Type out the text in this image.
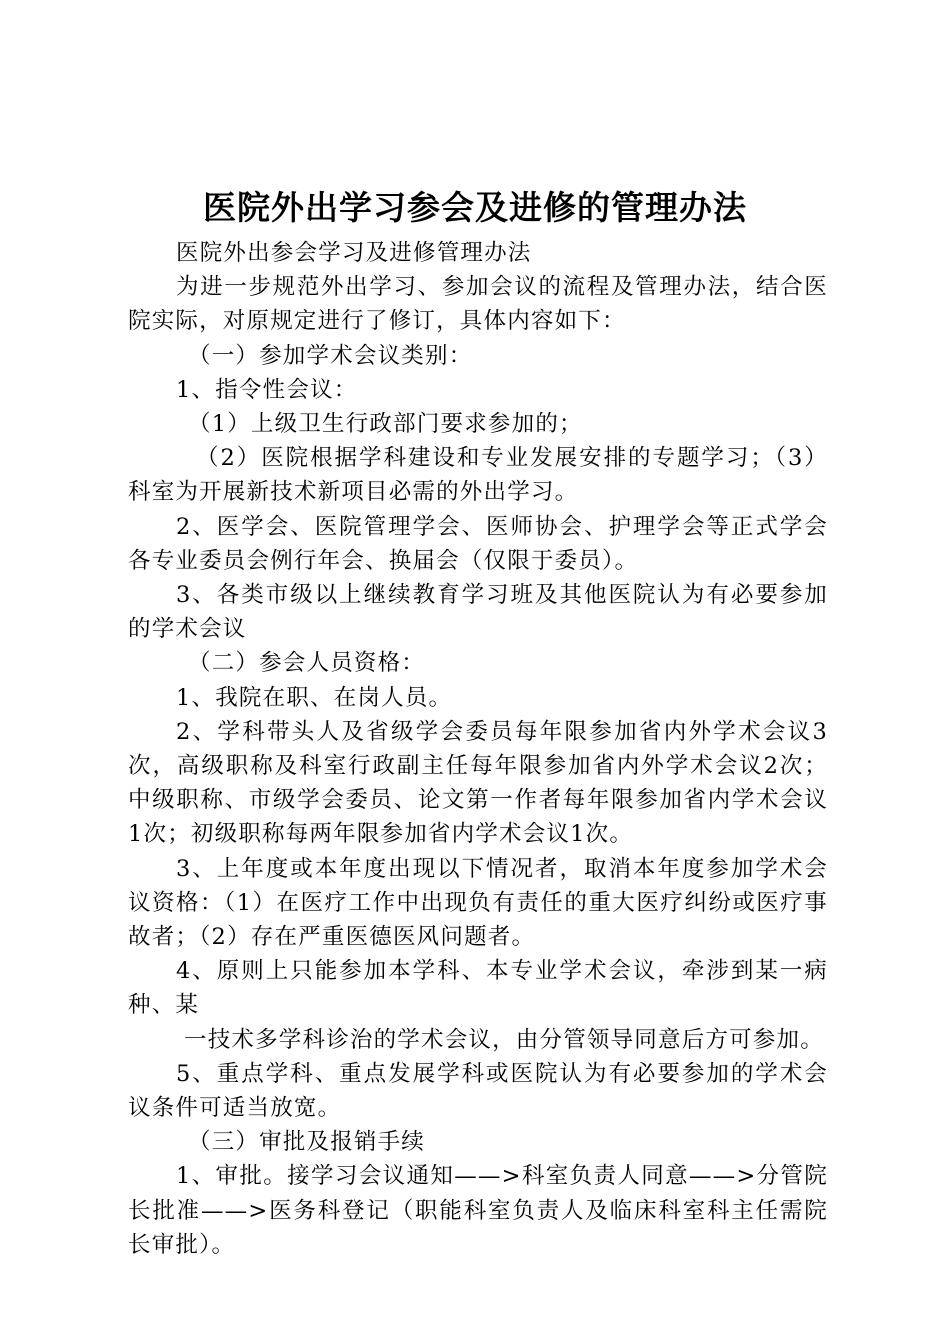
医院外出学习参会及进修的管理办法

医院外出参会学习及进修管理办法

为进一步规范外出学习、参加会议的流程及管理办法，结合医院实际，对原规定进行了修订，具体内容如下：

（一）参加学术会议类别：

1、指令性会议：

（1）上级卫生行政部门要求参加的；

（2）医院根据学科建设和专业发展安排的专题学习；（3）科室为开展新技术新项目必需的外出学习。

2、医学会、医院管理学会、医师协会、护理学会等正式学会各专业委员会例行年会、换届会（仅限于委员）。

3、各类市级以上继续教育学习班及其他医院认为有必要参加的学术会议

（二）参会人员资格：

1、我院在职、在岗人员。

2、学科带头人及省级学会委员每年限参加省内外学术会议3次，高级职称及科室行政副主任每年限参加省内外学术会议2次；中级职称、市级学会委员、论文第一作者每年限参加省内学术会议1次；初级职称每两年限参加省内学术会议1次。

3、上年度或本年度出现以下情况者，取消本年度参加学术会议资格：（1）在医疗工作中出现负有责任的重大医疗纠纷或医疗事故者；（2）存在严重医德医风问题者。

4、原则上只能参加本学科、本专业学术会议，牵涉到某一病种、某

一技术多学科诊治的学术会议，由分管领导同意后方可参加。

5、重点学科、重点发展学科或医院认为有必要参加的学术会议条件可适当放宽。

（三）审批及报销手续

1、审批。接学习会议通知——>科室负责人同意——>分管院长批准——>医务科登记（职能科室负责人及临床科室科主任需院长审批）。
